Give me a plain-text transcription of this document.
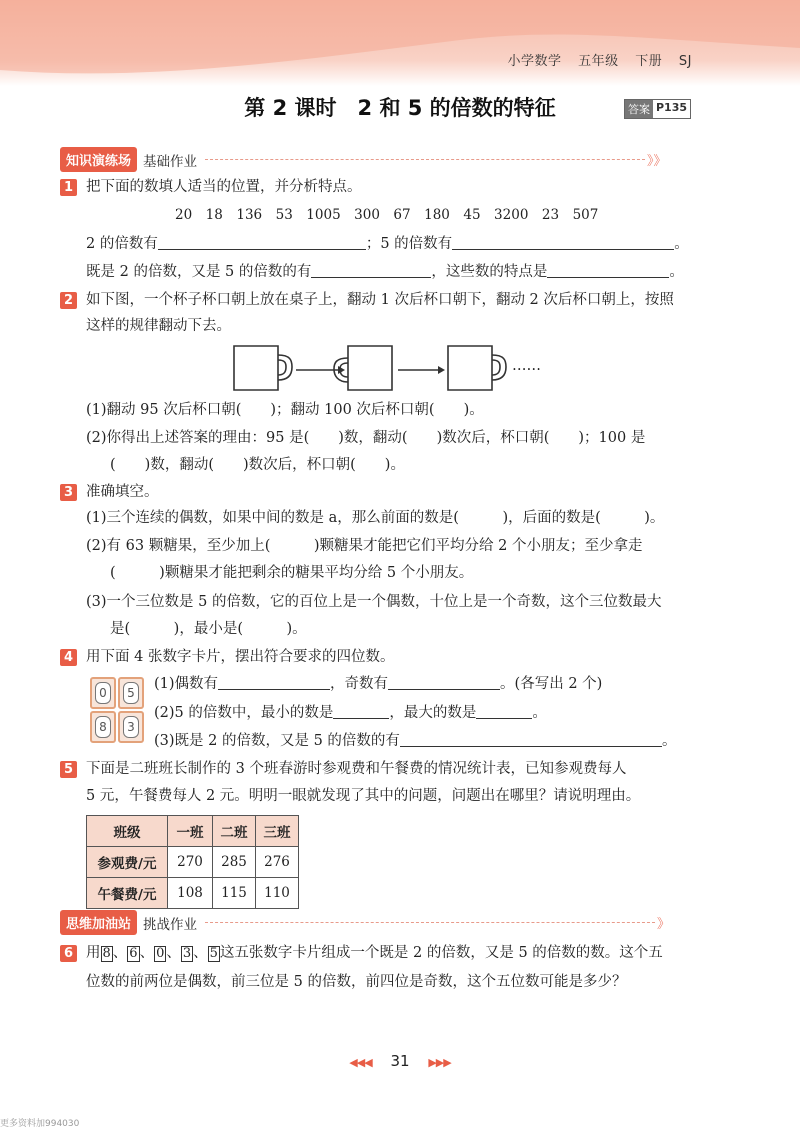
小学数学 五年级 下册 SJ
第 2 课时　2 和 5 的倍数的特征	答案 P135
知识演练场 基础作业	》》
1 把下面的数填人适当的位置，并分析特点。
20　18　136　53　1005　300　67　180　45　3200　23　507
2 的倍数有	；5 的倍数有	。
既是 2 的倍数，又是 5 的倍数的有	，这些数的特点是	。
2 如下图，一个杯子杯口朝上放在桌子上，翻动 1 次后杯口朝下，翻动 2 次后杯口朝上，按照
这样的规律翻动下去。
……
(1)翻动 95 次后杯口朝(　　)；翻动 100 次后杯口朝(　　)。
(2)你得出上述答案的理由：95 是(　　)数，翻动(　　)数次后，杯口朝(　　)；100 是
(　　)数，翻动(　　)数次后，杯口朝(　　)。
3 准确填空。
(1)三个连续的偶数，如果中间的数是 a，那么前面的数是(　　　)，后面的数是(　　　)。
(2)有 63 颗糖果，至少加上(　　　)颗糖果才能把它们平均分给 2 个小朋友；至少拿走
(　　　)颗糖果才能把剩余的糖果平均分给 5 个小朋友。
(3)一个三位数是 5 的倍数，它的百位上是一个偶数，十位上是一个奇数，这个三位数最大
是(　　　)，最小是(　　　)。
4 用下面 4 张数字卡片，摆出符合要求的四位数。
0	5
8	3
(1)偶数有	，奇数有	。(各写出 2 个)
(2)5 的倍数中，最小的数是	，最大的数是	。
(3)既是 2 的倍数，又是 5 的倍数的有	。
5 下面是二班班长制作的 3 个班春游时参观费和午餐费的情况统计表，已知参观费每人
5 元，午餐费每人 2 元。明明一眼就发现了其中的问题，问题出在哪里？请说明理由。
班级	一班	二班	三班
参观费/元	270	285	276
午餐费/元	108	115	110
思维加油站 挑战作业	》
6 用 8 、 6 、 0 、 3 、 5 这五张数字卡片组成一个既是 2 的倍数，又是 5 的倍数的数。这个五
位数的前两位是偶数，前三位是 5 的倍数，前四位是奇数，这个五位数可能是多少？
◀◀◀ 31 ▶▶▶
更多资料加994030
